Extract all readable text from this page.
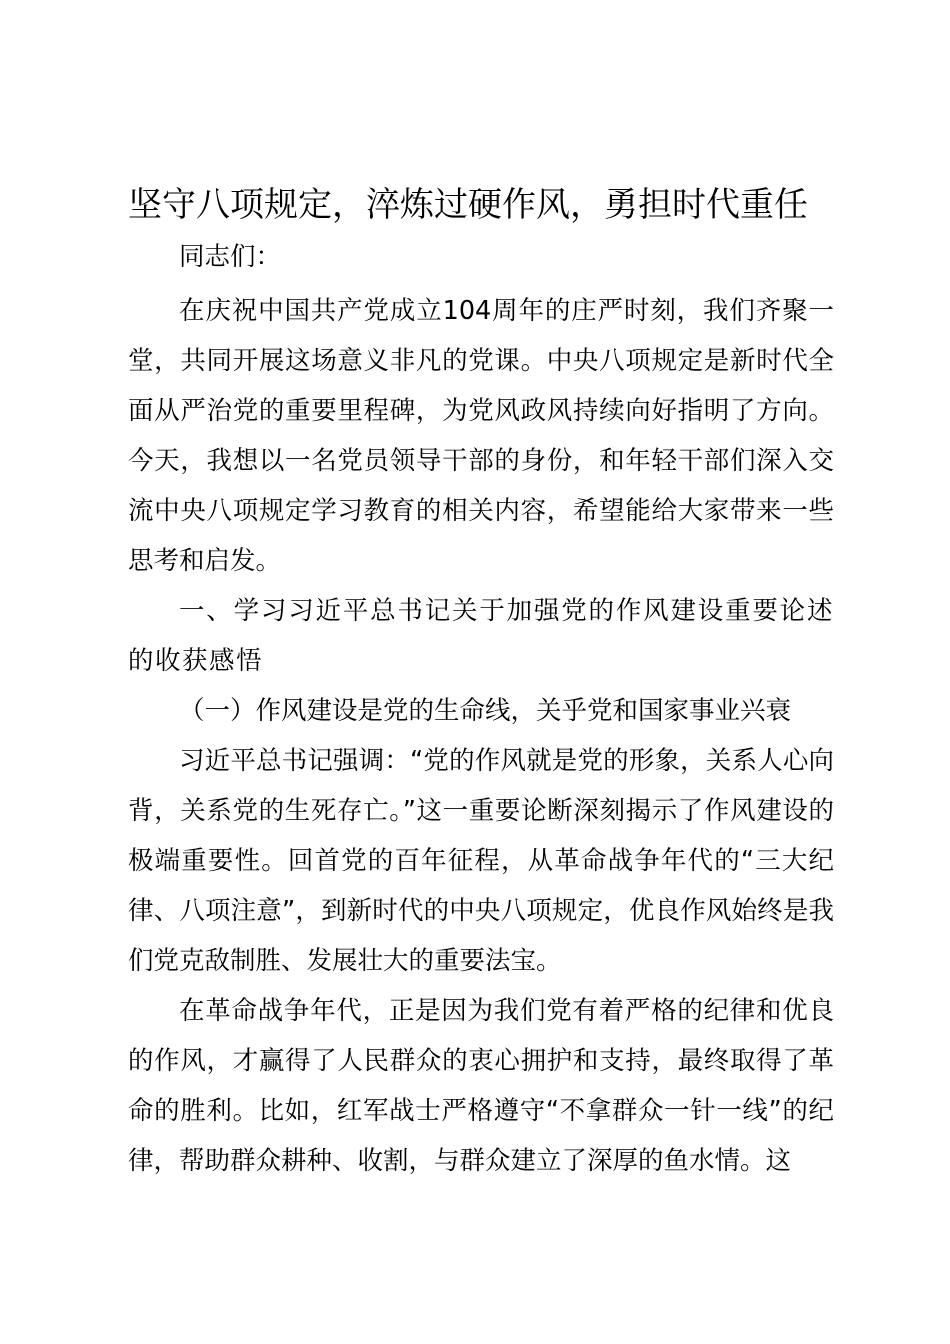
坚守八项规定，淬炼过硬作风，勇担时代重任

同志们：

在庆祝中国共产党成立104周年的庄严时刻，我们齐聚一堂，共同开展这场意义非凡的党课。中央八项规定是新时代全面从严治党的重要里程碑，为党风政风持续向好指明了方向。今天，我想以一名党员领导干部的身份，和年轻干部们深入交流中央八项规定学习教育的相关内容，希望能给大家带来一些思考和启发。

一、学习习近平总书记关于加强党的作风建设重要论述的收获感悟

（一）作风建设是党的生命线，关乎党和国家事业兴衰

习近平总书记强调：“党的作风就是党的形象，关系人心向背，关系党的生死存亡。”这一重要论断深刻揭示了作风建设的极端重要性。回首党的百年征程，从革命战争年代的“三大纪律、八项注意”，到新时代的中央八项规定，优良作风始终是我们党克敌制胜、发展壮大的重要法宝。

在革命战争年代，正是因为我们党有着严格的纪律和优良的作风，才赢得了人民群众的衷心拥护和支持，最终取得了革命的胜利。比如，红军战士严格遵守“不拿群众一针一线”的纪律，帮助群众耕种、收割，与群众建立了深厚的鱼水情。这
